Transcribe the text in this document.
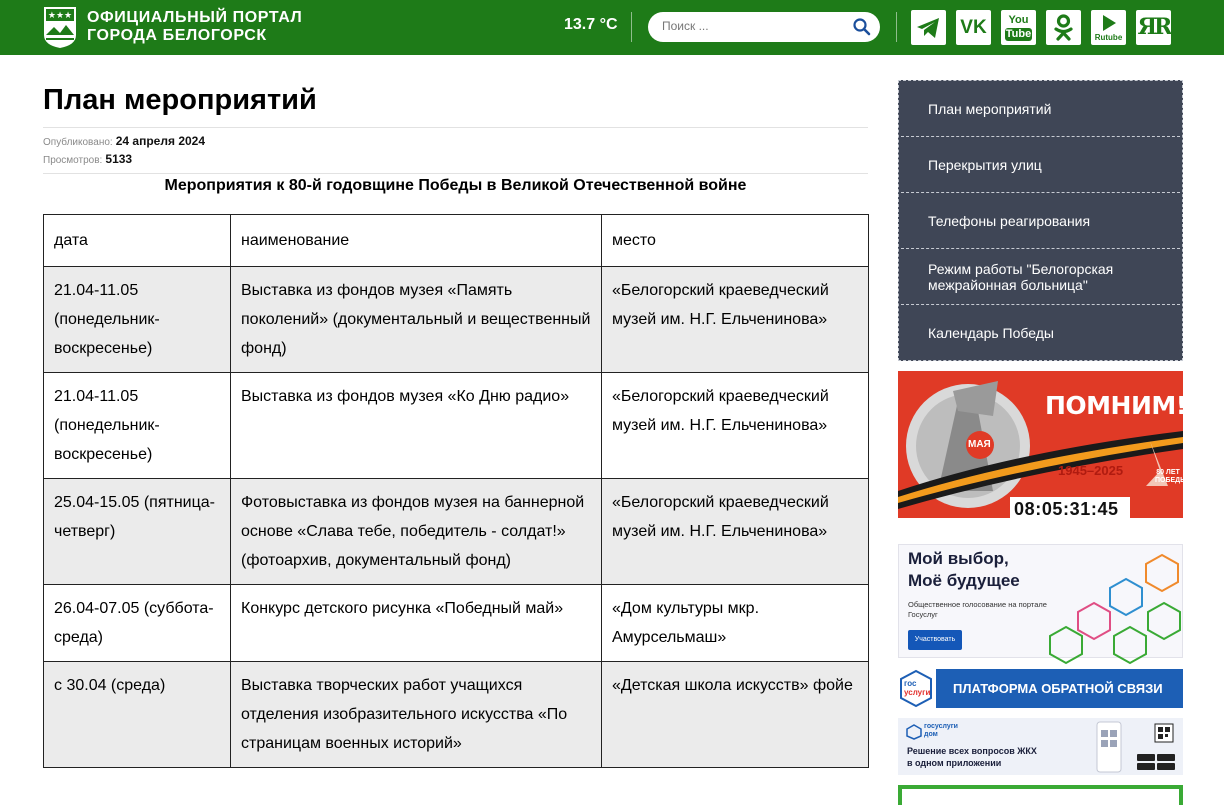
★★★ ОФИЦИАЛЬНЫЙ ПОРТАЛ
ГОРОДА БЕЛОГОРСК
13.7 °C
Поиск ...	VK	You
Tube	Rutube ЯR
План мероприятий
Опубликовано: 24 апреля 2024
Просмотров: 5133
Мероприятия к 80-й годовщине Победы в Великой Отечественной войне
дата	наименование	место
21.04-11.05 (понедельник-воскресенье)	Выставка из фондов музея «Память поколений» (документальный и вещественный фонд)	«Белогорский краеведческий музей им. Н.Г. Ельченинова»
21.04-11.05 (понедельник-воскресенье)	Выставка из фондов музея «Ко Дню радио»	«Белогорский краеведческий музей им. Н.Г. Ельченинова»
25.04-15.05 (пятница-четверг)	Фотовыставка из фондов музея на баннерной основе «Слава тебе, победитель - солдат!» (фотоархив, документальный фонд)	«Белогорский краеведческий музей им. Н.Г. Ельченинова»
26.04-07.05 (суббота-среда)	Конкурс детского рисунка «Победный май»	«Дом культуры мкр. Амурсельмаш»
с 30.04 (среда)	Выставка творческих работ учащихся отделения изобразительного искусства «По страницам военных историй»	«Детская школа искусств» фойе
План мероприятий
Перекрытия улиц
Телефоны реагирования
Режим работы "Белогорская межрайонная больница"
Календарь Победы
ПОМНИМ!
МАЯ
1945–2025	80 ЛЕТ ПОБЕДЫ
08:05:31:45
Мой выбор,
Моё будущее
Общественное голосование на портале Госуслуг
Участвовать
гос
услуги	ПЛАТФОРМА ОБРАТНОЙ СВЯЗИ
госуслуги
дом
Решение всех вопросов ЖКХ
в одном приложении
